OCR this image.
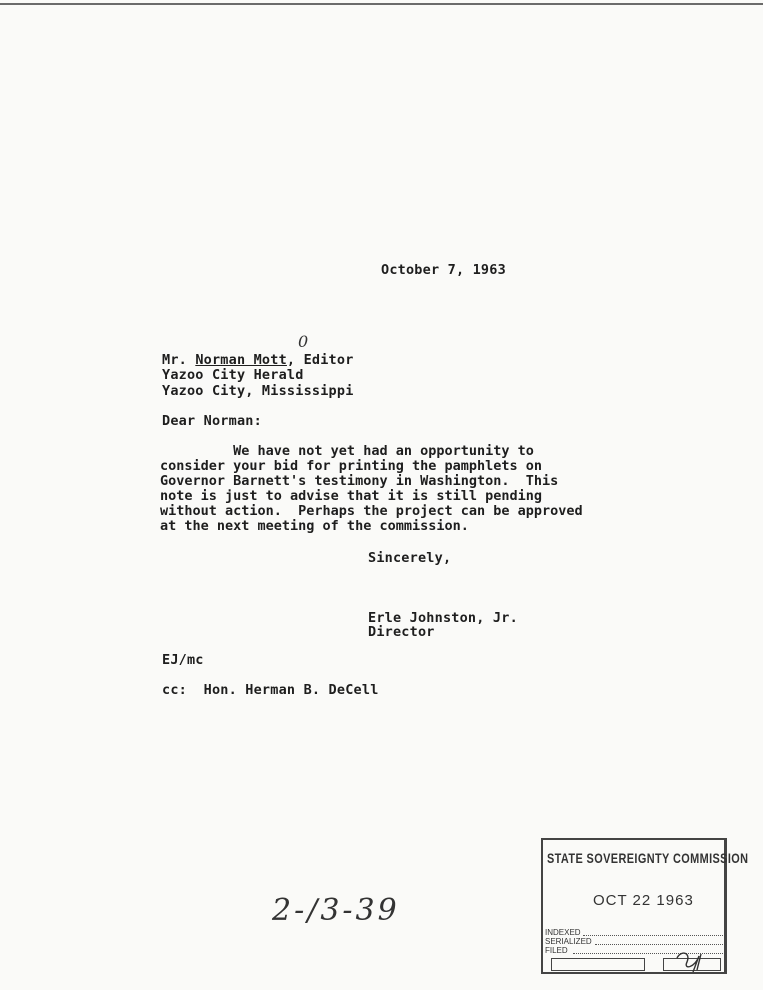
October 7, 1963
0
Mr. Norman Mott, Editor
Yazoo City Herald
Yazoo City, Mississippi
Dear Norman:
We have not yet had an opportunity to
consider your bid for printing the pamphlets on
Governor Barnett's testimony in Washington.  This
note is just to advise that it is still pending
without action.  Perhaps the project can be approved
at the next meeting of the commission.
Sincerely,
Erle Johnston, Jr.
Director
EJ/mc
cc:  Hon. Herman B. DeCell
2-/3-39
STATE SOVEREIGNTY COMMISSION
OCT 22 1963
INDEXED
SERIALIZED
FILED
